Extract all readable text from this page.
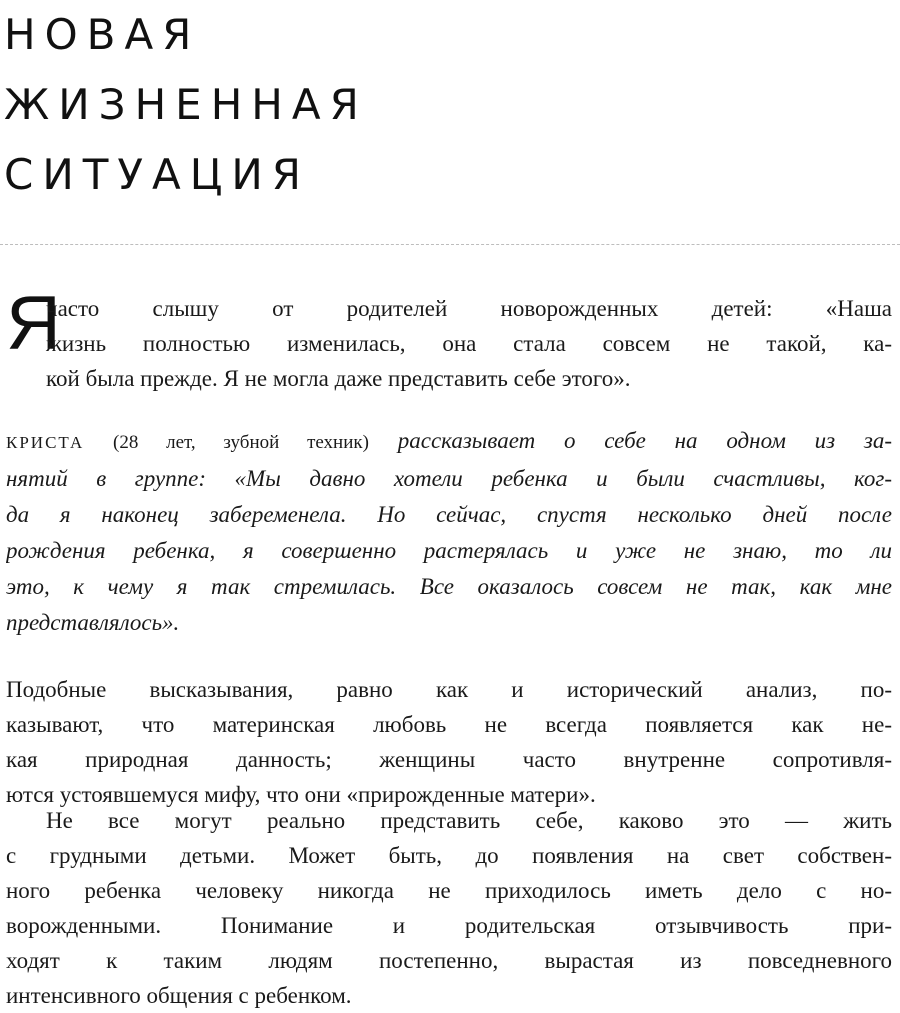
НОВАЯ
ЖИЗНЕННАЯ
СИТУАЦИЯ
Я
часто слышу от родителей новорожденных детей: «Наша
жизнь полностью изменилась, она стала совсем не такой, ка-
кой была прежде. Я не могла даже представить себе этого».
КРИСТА (28 лет, зубной техник) рассказывает о себе на одном из за-
нятий в группе: «Мы давно хотели ребенка и были счастливы, ког-
да я наконец забеременела. Но сейчас, спустя несколько дней после
рождения ребенка, я совершенно растерялась и уже не знаю, то ли
это, к чему я так стремилась. Все оказалось совсем не так, как мне
представлялось».
Подобные высказывания, равно как и исторический анализ, по-
казывают, что материнская любовь не всегда появляется как не-
кая природная данность; женщины часто внутренне сопротивля-
ются устоявшемуся мифу, что они «прирожденные матери».
Не все могут реально представить себе, каково это — жить
с грудными детьми. Может быть, до появления на свет собствен-
ного ребенка человеку никогда не приходилось иметь дело с но-
ворожденными. Понимание и родительская отзывчивость при-
ходят к таким людям постепенно, вырастая из повседневного
интенсивного общения с ребенком.
